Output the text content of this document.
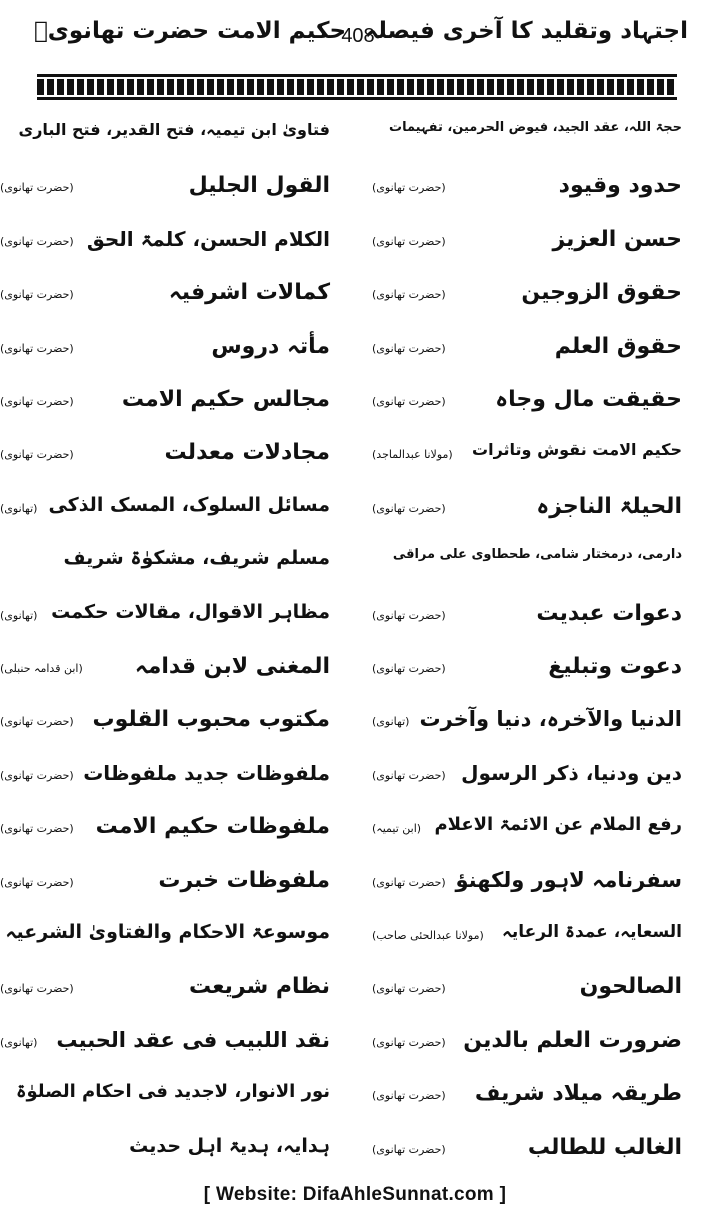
اجتہاد وتقلید کا آخری فیصلہ
408
حکیم الامت حضرت تھانویؒ
حجۃ اللہ، عقد الجید، فیوض الحرمین، تفہیمات
فتاویٰ ابن تیمیہ، فتح القدیر، فتح الباری
حدود وقیود
(حضرت تھانوی)
القول الجلیل
(حضرت تھانوی)
حسن العزیز
(حضرت تھانوی)
الکلام الحسن، کلمۃ الحق
(حضرت تھانوی)
حقوق الزوجین
(حضرت تھانوی)
کمالات اشرفیہ
(حضرت تھانوی)
حقوق العلم
(حضرت تھانوی)
مأتہ دروس
(حضرت تھانوی)
حقیقت مال وجاہ
(حضرت تھانوی)
مجالس حکیم الامت
(حضرت تھانوی)
حکیم الامت نقوش وتاثرات
(مولانا عبدالماجد)
مجادلات معدلت
(حضرت تھانوی)
الحیلۃ الناجزہ
(حضرت تھانوی)
مسائل السلوک، المسک الذکی
(تھانوی)
دارمی، درمختار شامی، طحطاوی علی مراقی
مسلم شریف، مشکوٰۃ شریف
دعوات عبدیت
(حضرت تھانوی)
مظاہر الاقوال، مقالات حکمت
(تھانوی)
دعوت وتبلیغ
(حضرت تھانوی)
المغنی لابن قدامہ
(ابن قدامہ حنبلی)
الدنیا والآخرہ، دنیا وآخرت
(تھانوی)
مکتوب محبوب القلوب
(حضرت تھانوی)
دین ودنیا، ذکر الرسول
(حضرت تھانوی)
ملفوظات جدید ملفوظات
(حضرت تھانوی)
رفع الملام عن الائمۃ الاعلام
(ابن تیمیہ)
ملفوظات حکیم الامت
(حضرت تھانوی)
سفرنامہ لاہور ولکھنؤ
(حضرت تھانوی)
ملفوظات خبرت
(حضرت تھانوی)
السعایہ، عمدۃ الرعایہ
(مولانا عبدالحئی صاحب)
موسوعۃ الاحکام والفتاویٰ الشرعیہ
الصالحون
(حضرت تھانوی)
نظام شریعت
(حضرت تھانوی)
ضرورت العلم بالدین
(حضرت تھانوی)
نقد اللبیب فی عقد الحبیب
(تھانوی)
طریقہ میلاد شریف
(حضرت تھانوی)
نور الانوار، لاجدید فی احکام الصلوٰۃ
الغالب للطالب
(حضرت تھانوی)
ہدایہ، ہدیۃ اہل حدیث
[ Website: DifaAhleSunnat.com ]
